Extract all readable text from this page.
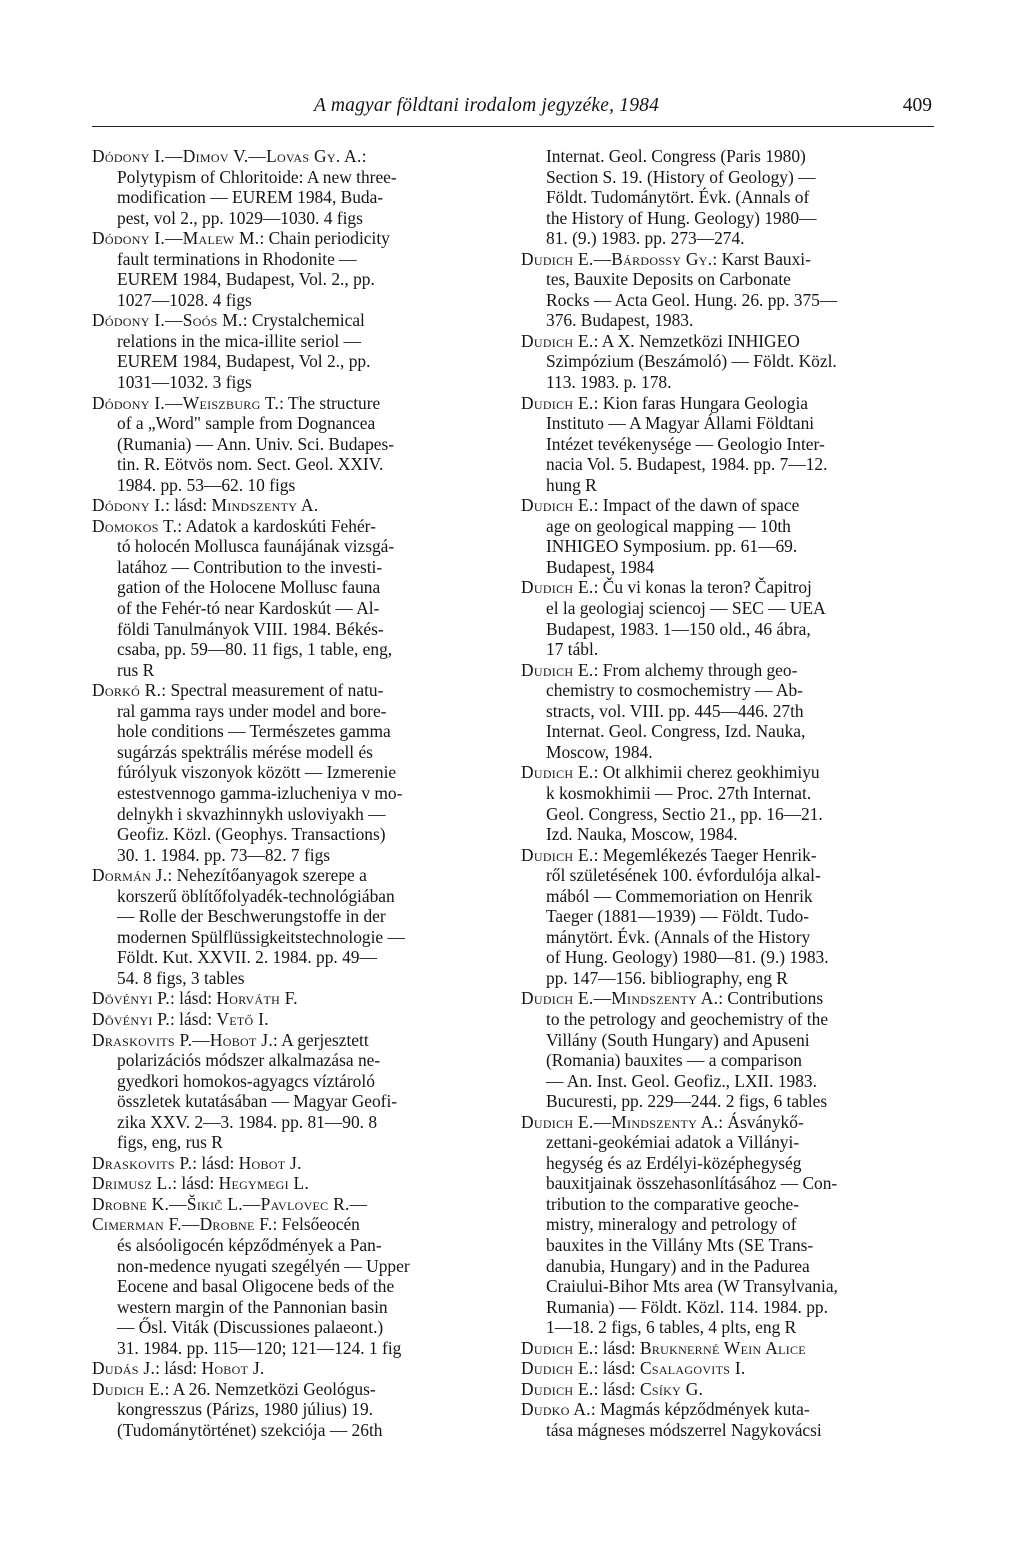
A magyar földtani irodalom jegyzéke, 1984	409
Dódony I.—Dimov V.—Lovas Gy. A.:
Polytypism of Chloritoide: A new three-
modification — EUREM 1984, Buda-
pest, vol 2., pp. 1029—1030. 4 figs
Dódony I.—Malew M.: Chain periodicity
fault terminations in Rhodonite —
EUREM 1984, Budapest, Vol. 2., pp.
1027—1028. 4 figs
Dódony I.—Soós M.: Crystalchemical
relations in the mica-illite seriol —
EUREM 1984, Budapest, Vol 2., pp.
1031—1032. 3 figs
Dódony I.—Weiszburg T.: The structure
of a „Word" sample from Dognancea
(Rumania) — Ann. Univ. Sci. Budapes-
tin. R. Eötvös nom. Sect. Geol. XXIV.
1984. pp. 53—62. 10 figs
Dódony I.: lásd: Mindszenty A.
Domokos T.: Adatok a kardoskúti Fehér-
tó holocén Mollusca faunájának vizsgá-
latához — Contribution to the investi-
gation of the Holocene Mollusc fauna
of the Fehér-tó near Kardoskút — Al-
földi Tanulmányok VIII. 1984. Békés-
csaba, pp. 59—80. 11 figs, 1 table, eng,
rus R
Dorkó R.: Spectral measurement of natu-
ral gamma rays under model and bore-
hole conditions — Természetes gamma
sugárzás spektrális mérése modell és
fúrólyuk viszonyok között — Izmerenie
estestvennogo gamma-izlucheniya v mo-
delnykh i skvazhinnykh usloviyakh —
Geofiz. Közl. (Geophys. Transactions)
30. 1. 1984. pp. 73—82. 7 figs
Dormán J.: Nehezítőanyagok szerepe a
korszerű öblítőfolyadék-technológiában
— Rolle der Beschwerungstoffe in der
modernen Spülflüssigkeitstechnologie —
Földt. Kut. XXVII. 2. 1984. pp. 49—
54. 8 figs, 3 tables
Dövényi P.: lásd: Horváth F.
Dövényi P.: lásd: Vető I.
Draskovits P.—Hobot J.: A gerjesztett
polarizációs módszer alkalmazása ne-
gyedkori homokos-agyagcs víztároló
összletek kutatásában — Magyar Geofi-
zika XXV. 2—3. 1984. pp. 81—90. 8
figs, eng, rus R
Draskovits P.: lásd: Hobot J.
Drimusz L.: lásd: Hegymegi L.
Drobne K.—Šikič L.—Pavlovec R.—
Cimerman F.—Drobne F.: Felsőeocén
és alsóoligocén képződmények a Pan-
non-medence nyugati szegélyén — Upper
Eocene and basal Oligocene beds of the
western margin of the Pannonian basin
— Ősl. Viták (Discussiones palaeont.)
31. 1984. pp. 115—120; 121—124. 1 fig
Dudás J.: lásd: Hobot J.
Dudich E.: A 26. Nemzetközi Geológus-
kongresszus (Párizs, 1980 július) 19.
(Tudománytörténet) szekciója — 26th
Internat. Geol. Congress (Paris 1980)
Section S. 19. (History of Geology) —
Földt. Tudománytört. Évk. (Annals of
the History of Hung. Geology) 1980—
81. (9.) 1983. pp. 273—274.
Dudich E.—Bárdossy Gy.: Karst Bauxi-
tes, Bauxite Deposits on Carbonate
Rocks — Acta Geol. Hung. 26. pp. 375—
376. Budapest, 1983.
Dudich E.: A X. Nemzetközi INHIGEO
Szimpózium (Beszámoló) — Földt. Közl.
113. 1983. p. 178.
Dudich E.: Kion faras Hungara Geologia
Instituto — A Magyar Állami Földtani
Intézet tevékenysége — Geologio Inter-
nacia Vol. 5. Budapest, 1984. pp. 7—12.
hung R
Dudich E.: Impact of the dawn of space
age on geological mapping — 10th
INHIGEO Symposium. pp. 61—69.
Budapest, 1984
Dudich E.: Ču vi konas la teron? Čapitroj
el la geologiaj sciencoj — SEC — UEA
Budapest, 1983. 1—150 old., 46 ábra,
17 tábl.
Dudich E.: From alchemy through geo-
chemistry to cosmochemistry — Ab-
stracts, vol. VIII. pp. 445—446. 27th
Internat. Geol. Congress, Izd. Nauka,
Moscow, 1984.
Dudich E.: Ot alkhimii cherez geokhimiyu
k kosmokhimii — Proc. 27th Internat.
Geol. Congress, Sectio 21., pp. 16—21.
Izd. Nauka, Moscow, 1984.
Dudich E.: Megemlékezés Taeger Henrik-
ről születésének 100. évfordulója alkal-
mából — Commemoriation on Henrik
Taeger (1881—1939) — Földt. Tudo-
mánytört. Évk. (Annals of the History
of Hung. Geology) 1980—81. (9.) 1983.
pp. 147—156. bibliography, eng R
Dudich E.—Mindszenty A.: Contributions
to the petrology and geochemistry of the
Villány (South Hungary) and Apuseni
(Romania) bauxites — a comparison
— An. Inst. Geol. Geofiz., LXII. 1983.
Bucuresti, pp. 229—244. 2 figs, 6 tables
Dudich E.—Mindszenty A.: Ásványkő-
zettani-geokémiai adatok a Villányi-
hegység és az Erdélyi-középhegység
bauxitjainak összehasonlításához — Con-
tribution to the comparative geoche-
mistry, mineralogy and petrology of
bauxites in the Villány Mts (SE Trans-
danubia, Hungary) and in the Padurea
Craiului-Bihor Mts area (W Transylvania,
Rumania) — Földt. Közl. 114. 1984. pp.
1—18. 2 figs, 6 tables, 4 plts, eng R
Dudich E.: lásd: Bruknerné Wein Alice
Dudich E.: lásd: Csalagovits I.
Dudich E.: lásd: Csíky G.
Dudko A.: Magmás képződmények kuta-
tása mágneses módszerrel Nagykovácsi
